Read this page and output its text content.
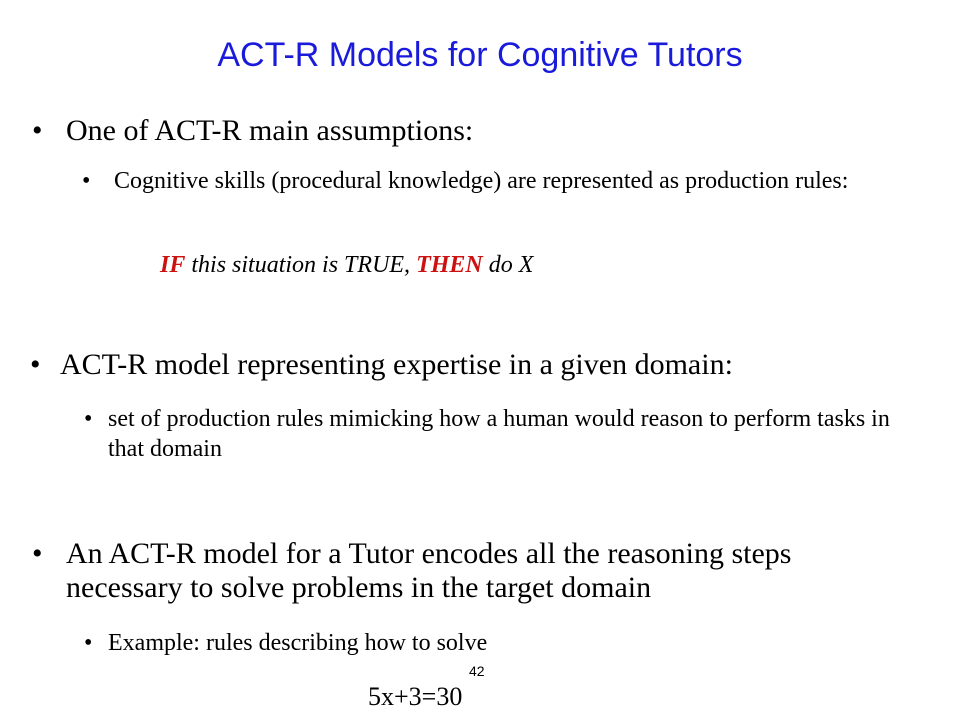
ACT-R Models for Cognitive Tutors
• One of ACT-R main assumptions:
• Cognitive skills (procedural knowledge) are represented as production rules:
IF this situation is TRUE, THEN do X
• ACT-R model representing expertise in a given domain:
• set of production rules mimicking how a human would reason to perform tasks in that domain
• An ACT-R model for a Tutor encodes all the reasoning steps necessary to solve problems in the target domain
• Example: rules describing how to solve
42
5x+3=30
